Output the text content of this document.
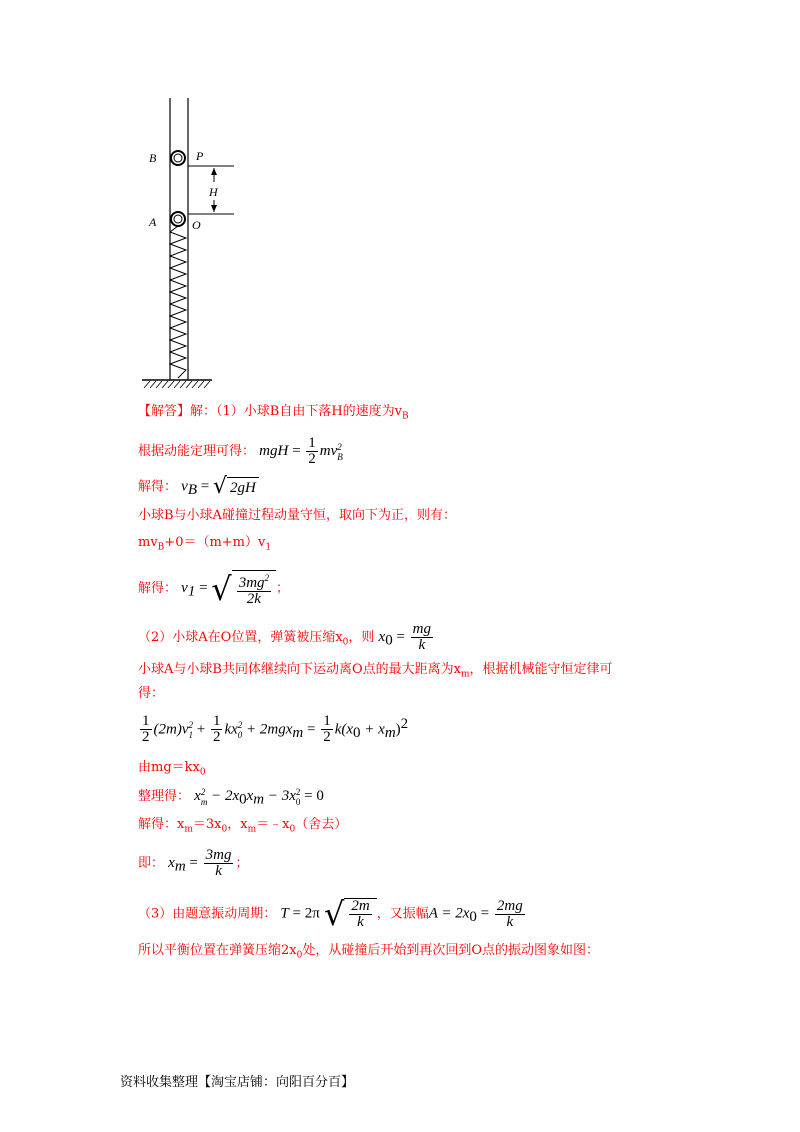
B	P
H
A	O
【解答】解：（1）小球B自由下落H的速度为$v_B$
根据动能定理可得： mgH = $\frac{1}{2}$ mv 2
B
解得： $v_B$ = √ 2gH
小球B与小球A碰撞过程动量守恒，取向下为正，则有：
$mv_B+0=(m+m)v_1$
解得： $v_1$ = √ $\frac{3mg^2}{2k}$ ；
（2）小球A在O位置，弹簧被压缩$x_0$，则 $x_0 = \frac{mg}{k}$
小球A与小球B共同体继续向下运动离O点的最大距离为$x_m$，根据机械能守恒定律可
得：
$\frac{1}{2} (2m)v$ 2
$1 + \frac{1}{2}$ kx 2
$0 + 2mgx_m = \frac{1}{2} k(x_0 + x_m)^2$
由$mg=kx_0$
整理得： x 2
$m - 2x_0x_m - 3x$ 2
0 = 0
解得：$x_m=3x_0$，$x_m=﹣x_0$（舍去）
即： $x_m = \frac{3mg}{k}$ ；
（3）由题意振动周期： T = 2π √ $\frac{2m}{k}$ ，又振幅$A = 2x_0 = \frac{2mg}{k}$
所以平衡位置在弹簧压缩$2x_0$处，从碰撞后开始到再次回到O点的振动图象如图：
资料收集整理【淘宝店铺：向阳百分百】
